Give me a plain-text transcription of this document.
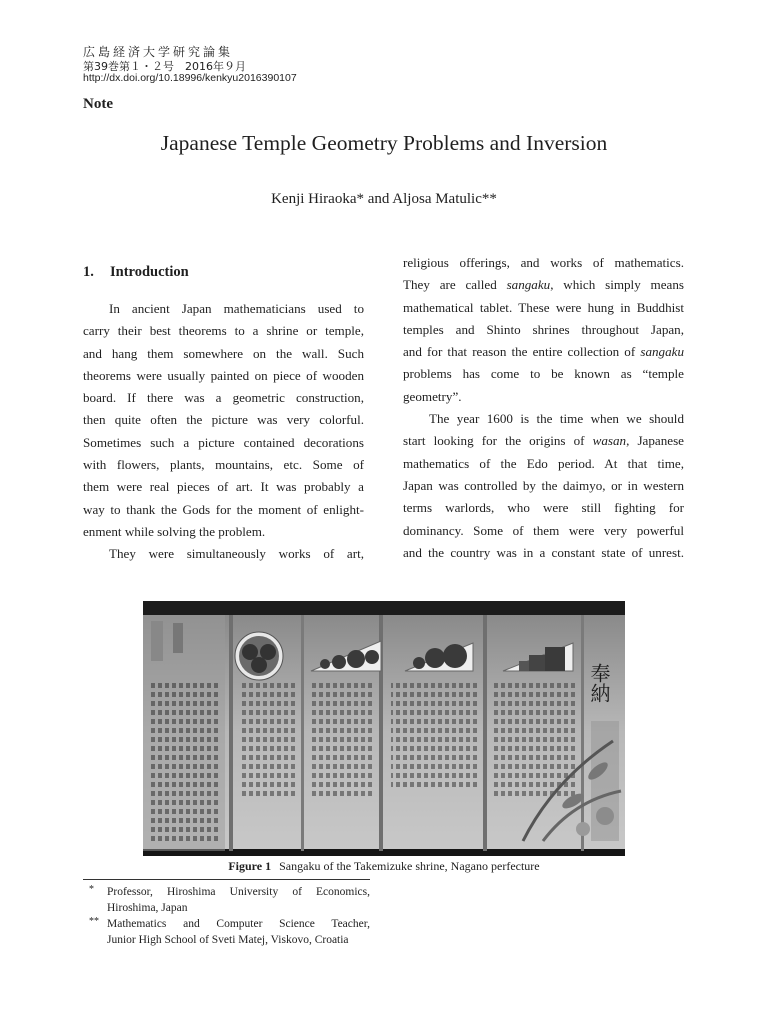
広島経済大学研究論集
第39巻第１・２号　2016年９月
http://dx.doi.org/10.18996/kenkyu2016390107
Note
Japanese Temple Geometry Problems and Inversion
Kenji Hiraoka* and Aljosa Matulic**
1. Introduction

In ancient Japan mathematicians used to

carry their best theorems to a shrine or temple,

and hang them somewhere on the wall. Such

theorems were usually painted on piece of wooden

board. If there was a geometric construction,

then quite often the picture was very colorful.

Sometimes such a picture contained decorations

with flowers, plants, mountains, etc. Some of

them were real pieces of art. It was probably a

way to thank the Gods for the moment of enlight-

enment while solving the problem.

They were simultaneously works of art,

religious offerings, and works of mathematics.

They are called sangaku, which simply means

mathematical tablet. These were hung in Buddhist

temples and Shinto shrines throughout Japan,

and for that reason the entire collection of sangaku

problems has come to be known as “temple

geometry”.

The year 1600 is the time when we should

start looking for the origins of wasan, Japanese

mathematics of the Edo period. At that time,

Japan was controlled by the daimyo, or in western

terms warlords, who were still fighting for

dominancy. Some of them were very powerful

and the country was in a constant state of unrest.

奉納
Figure 1 Sangaku of the Takemizuke shrine, Nagano perfecture
* Professor, Hiroshima University of Economics,

Hiroshima, Japan

** Mathematics and Computer Science Teacher,

Junior High School of Sveti Matej, Viskovo, Croatia
